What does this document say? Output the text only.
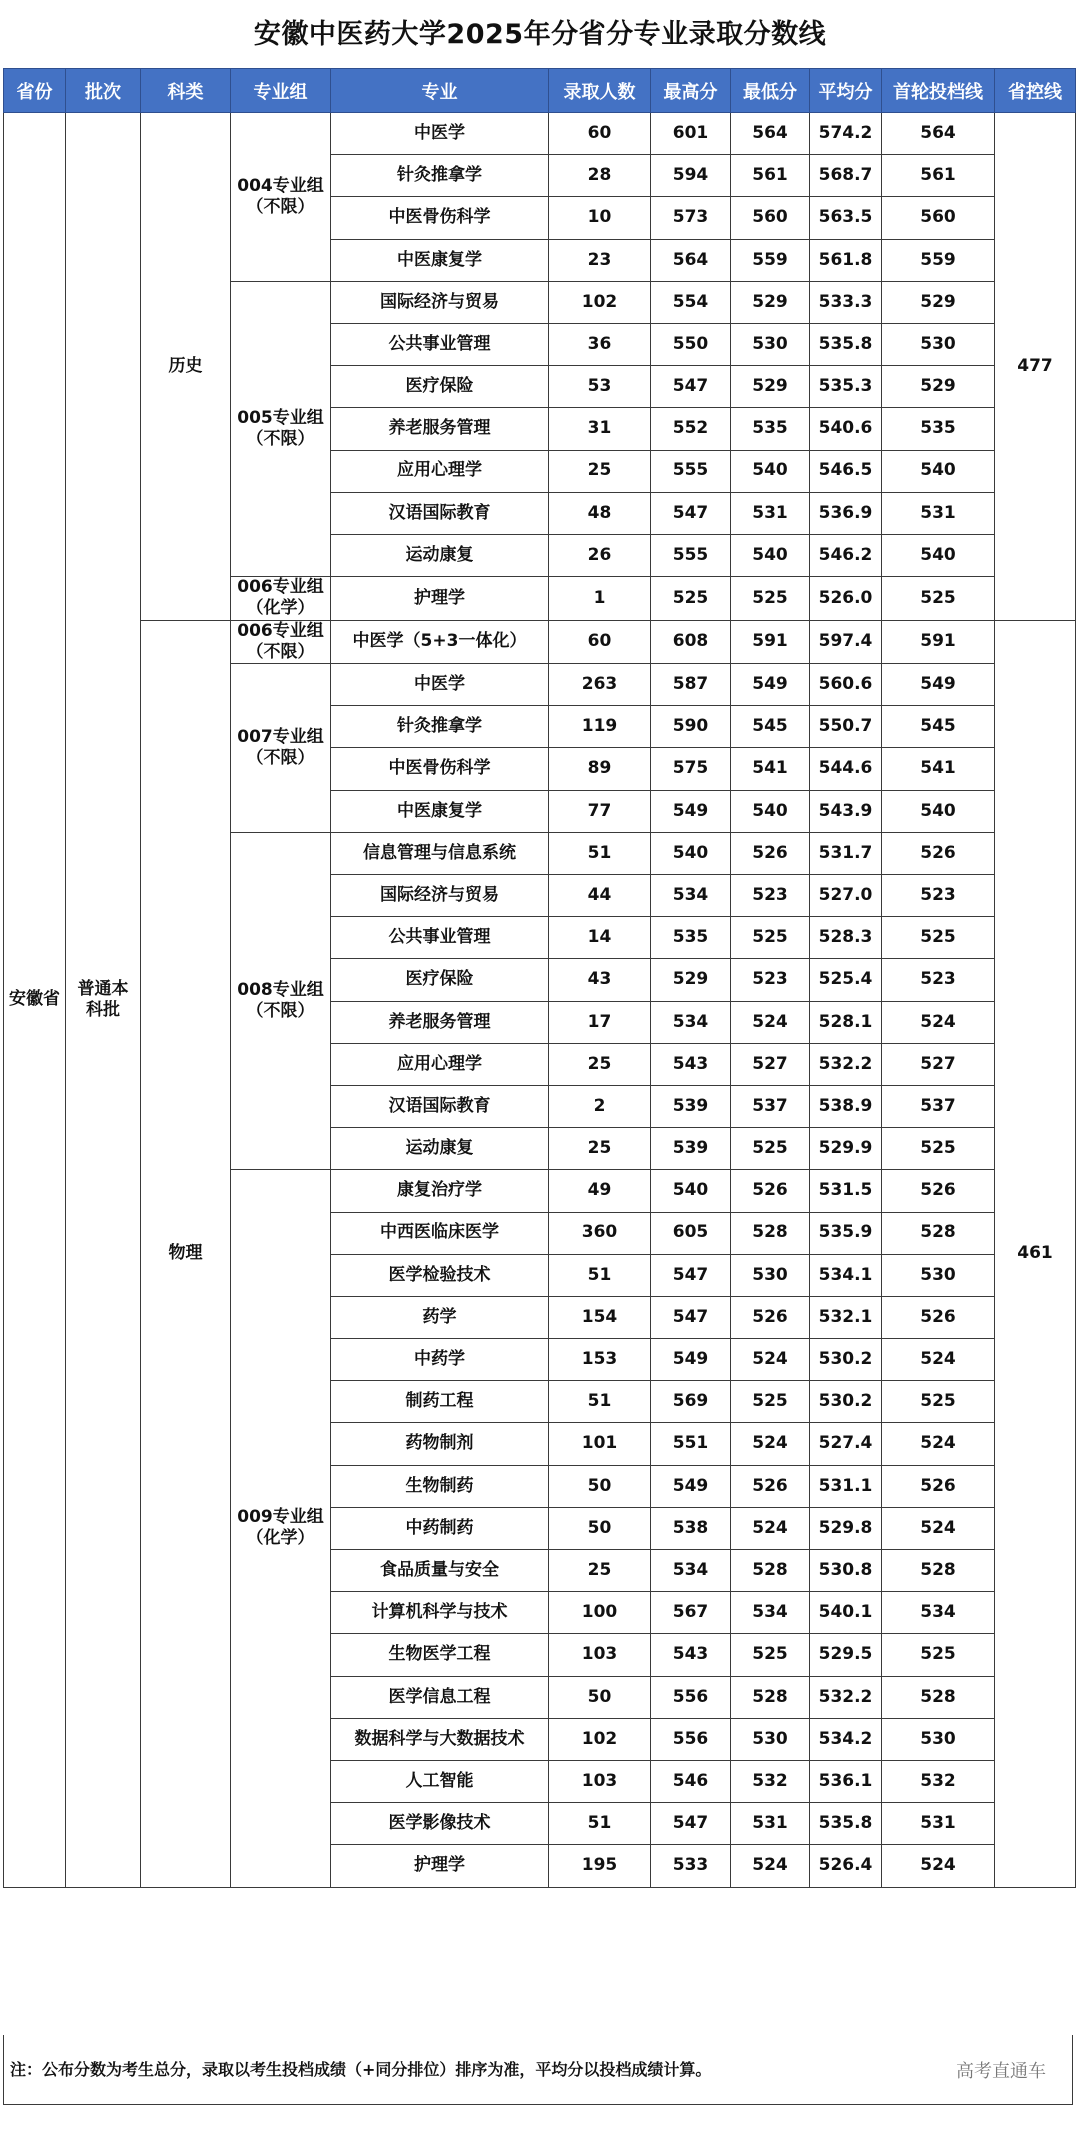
安徽中医药大学2025年分省分专业录取分数线
省份	批次	科类	专业组	专业	录取人数	最高分	最低分	平均分	首轮投档线	省控线
安徽省	普通本科批	历史	004专业组（不限）	中医学	60	601	564	574.2	564	477
				针灸推拿学	28	594	561	568.7	561	
				中医骨伤科学	10	573	560	563.5	560	
				中医康复学	23	564	559	561.8	559	
			005专业组（不限）	国际经济与贸易	102	554	529	533.3	529	
				公共事业管理	36	550	530	535.8	530	
				医疗保险	53	547	529	535.3	529	
				养老服务管理	31	552	535	540.6	535	
				应用心理学	25	555	540	546.5	540	
				汉语国际教育	48	547	531	536.9	531	
				运动康复	26	555	540	546.2	540	
			006专业组（化学）	护理学	1	525	525	526.0	525	
		物理	006专业组（不限）	中医学（5+3一体化）	60	608	591	597.4	591	461
			007专业组（不限）	中医学	263	587	549	560.6	549	
				针灸推拿学	119	590	545	550.7	545	
				中医骨伤科学	89	575	541	544.6	541	
				中医康复学	77	549	540	543.9	540	
			008专业组（不限）	信息管理与信息系统	51	540	526	531.7	526	
				国际经济与贸易	44	534	523	527.0	523	
				公共事业管理	14	535	525	528.3	525	
				医疗保险	43	529	523	525.4	523	
				养老服务管理	17	534	524	528.1	524	
				应用心理学	25	543	527	532.2	527	
				汉语国际教育	2	539	537	538.9	537	
				运动康复	25	539	525	529.9	525	
			009专业组（化学）	康复治疗学	49	540	526	531.5	526	
				中西医临床医学	360	605	528	535.9	528	
				医学检验技术	51	547	530	534.1	530	
				药学	154	547	526	532.1	526	
				中药学	153	549	524	530.2	524	
				制药工程	51	569	525	530.2	525	
				药物制剂	101	551	524	527.4	524	
				生物制药	50	549	526	531.1	526	
				中药制药	50	538	524	529.8	524	
				食品质量与安全	25	534	528	530.8	528	
				计算机科学与技术	100	567	534	540.1	534	
				生物医学工程	103	543	525	529.5	525	
				医学信息工程	50	556	528	532.2	528	
				数据科学与大数据技术	102	556	530	534.2	530	
				人工智能	103	546	532	536.1	532	
				医学影像技术	51	547	531	535.8	531	
				护理学	195	533	524	526.4	524	
注：公布分数为考生总分，录取以考生投档成绩（+同分排位）排序为准，平均分以投档成绩计算。	高考直通车
